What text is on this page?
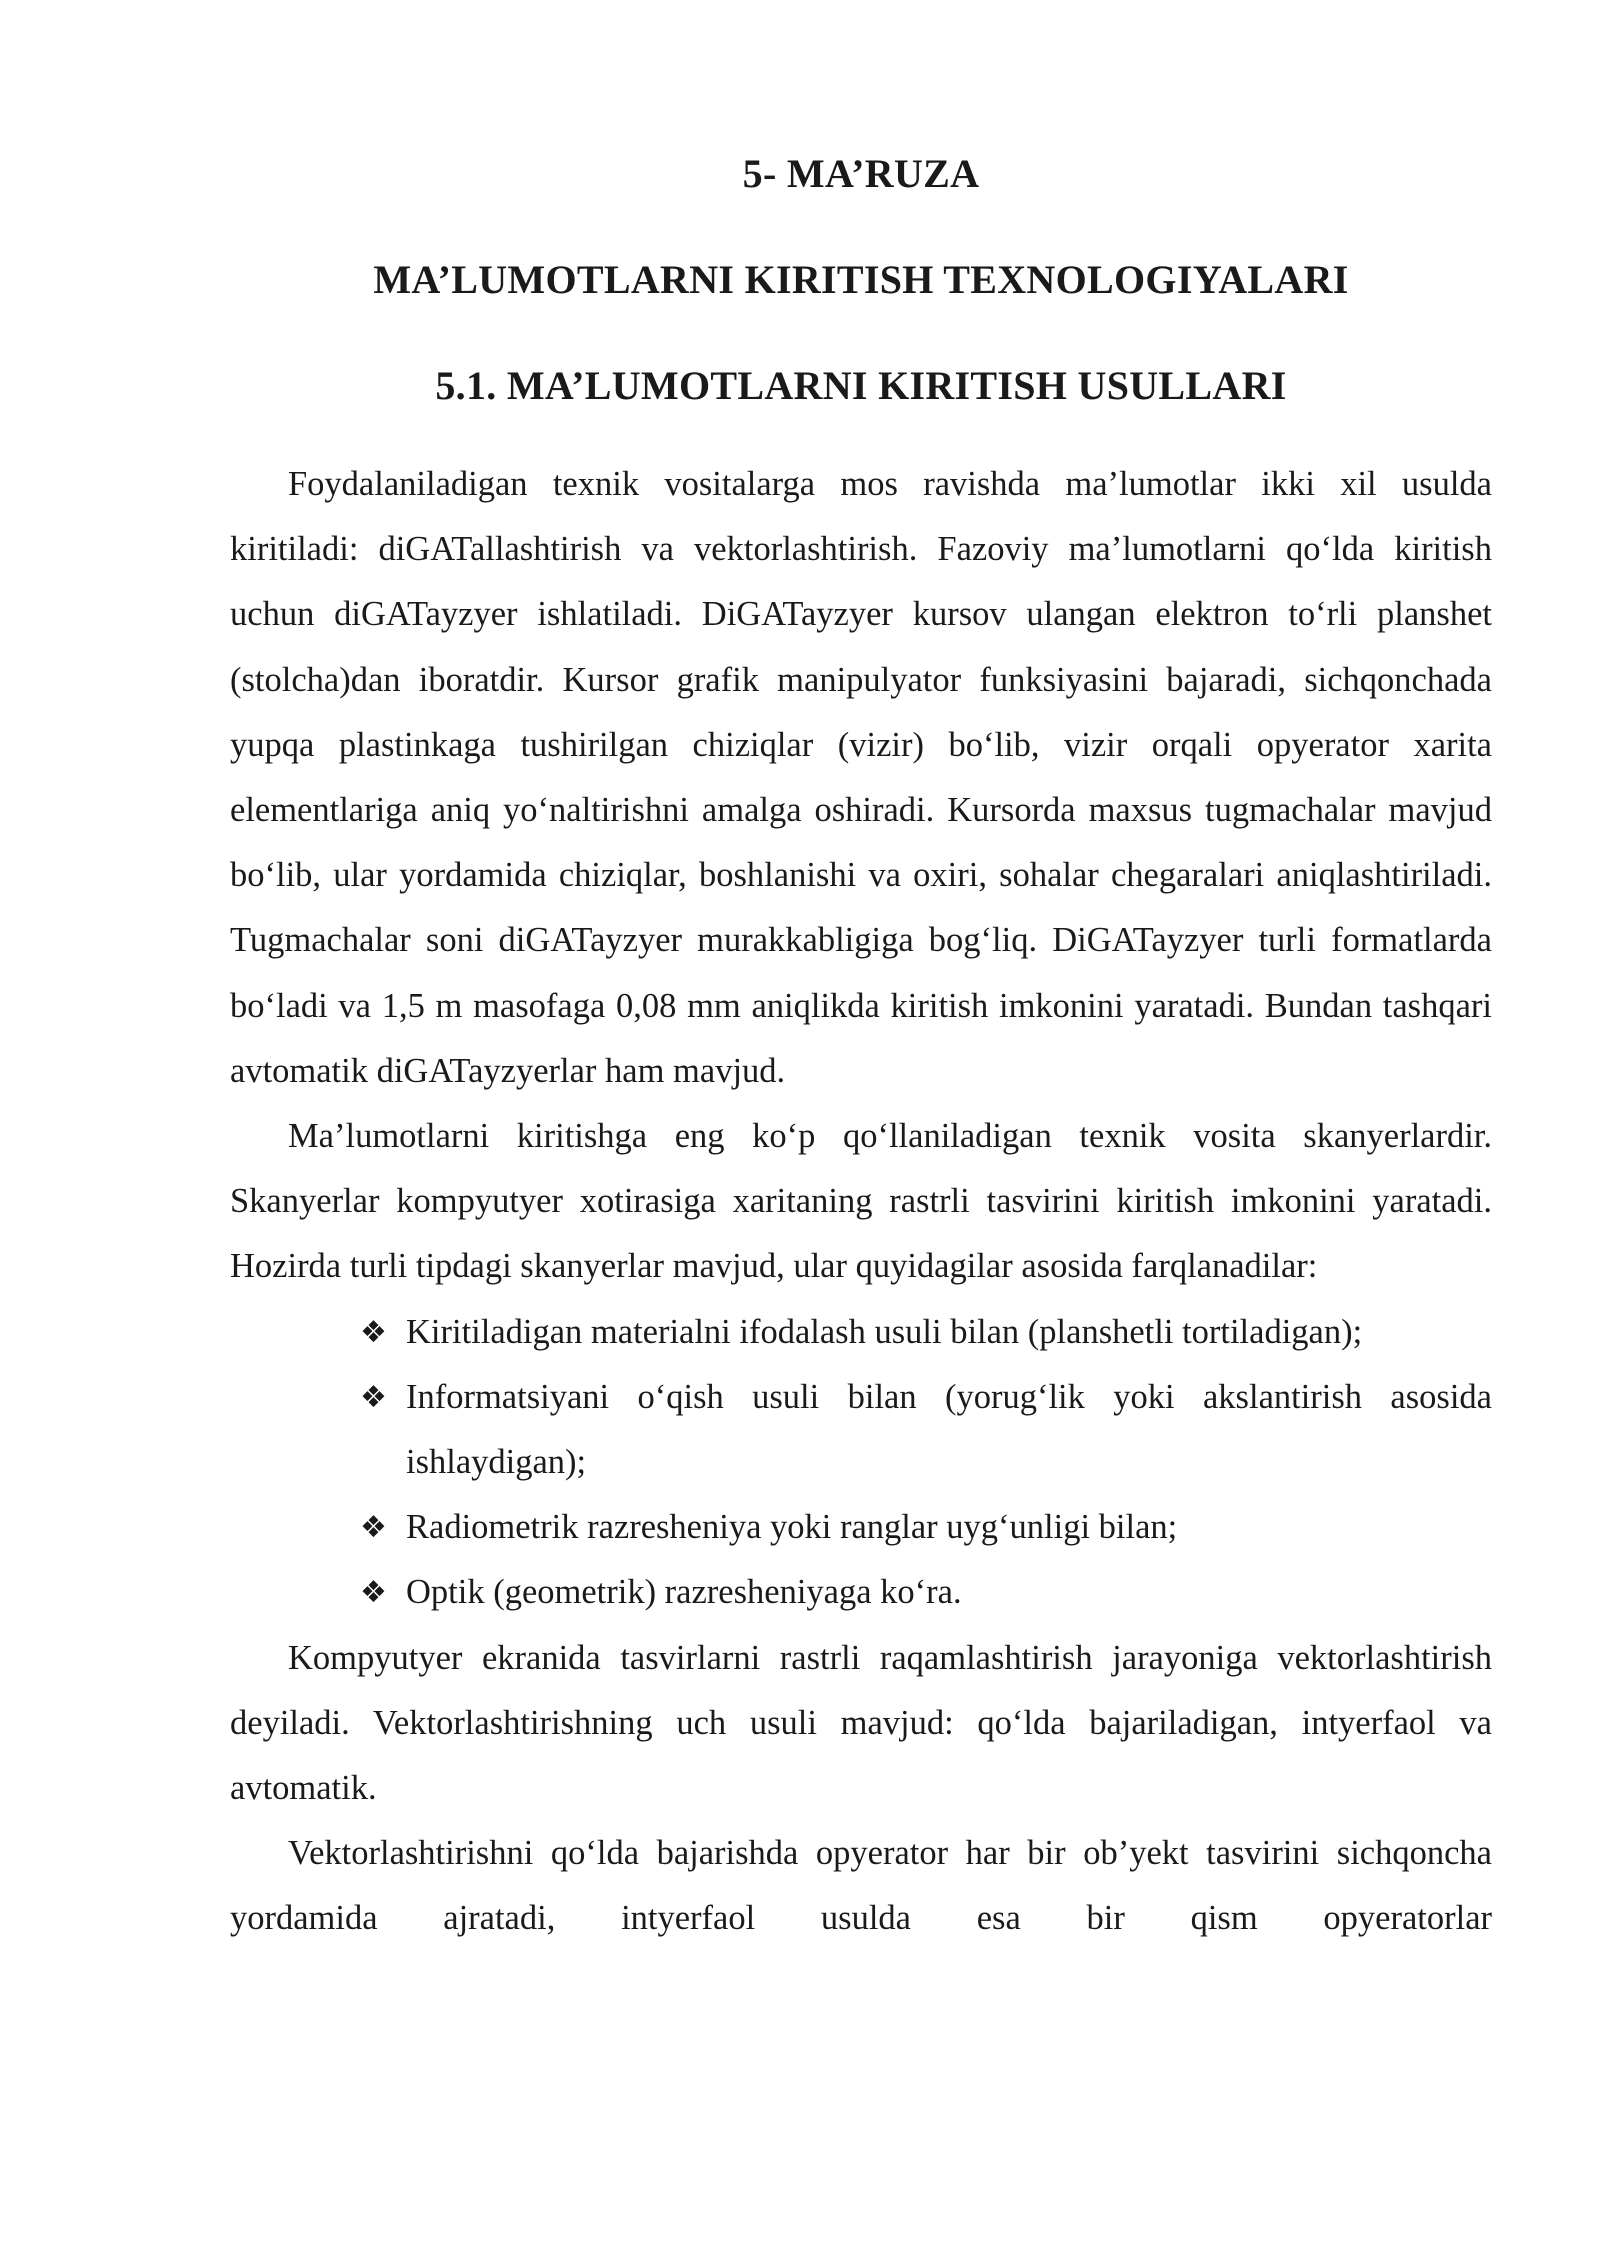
5- MA’RUZA
MA’LUMOTLARNI KIRITISH TEXNOLOGIYALARI
5.1. MA’LUMOTLARNI KIRITISH USULLARI

Foydalaniladigan texnik vositalarga mos ravishda ma’lumotlar ikki xil usulda kiritiladi: diGATallashtirish va vektorlashtirish. Fazoviy ma’lumotlarni qo‘lda kiritish uchun diGATayzyer ishlatiladi. DiGATayzyer kursov ulangan elektron to‘rli planshet (stolcha)dan iboratdir. Kursor grafik manipulyator funksiyasini bajaradi, sichqonchada yupqa plastinkaga tushirilgan chiziqlar (vizir) bo‘lib, vizir orqali opyerator xarita elementlariga aniq yo‘naltirishni amalga oshiradi. Kursorda maxsus tugmachalar mavjud bo‘lib, ular yordamida chiziqlar, boshlanishi va oxiri, sohalar chegaralari aniqlashtiriladi. Tugmachalar soni diGATayzyer murakkabligiga bog‘liq. DiGATayzyer turli formatlarda bo‘ladi va 1,5 m masofaga 0,08 mm aniqlikda kiritish imkonini yaratadi. Bundan tashqari avtomatik diGATayzyerlar ham mavjud.

Ma’lumotlarni kiritishga eng ko‘p qo‘llaniladigan texnik vosita skanyerlardir. Skanyerlar kompyutyer xotirasiga xaritaning rastrli tasvirini kiritish imkonini yaratadi. Hozirda turli tipdagi skanyerlar mavjud, ular quyidagilar asosida farqlanadilar:

❖ Kiritiladigan materialni ifodalash usuli bilan (planshetli tortiladigan);
❖ Informatsiyani o‘qish usuli bilan (yorug‘lik yoki akslantirish asosida ishlaydigan);
❖ Radiometrik razresheniya yoki ranglar uyg‘unligi bilan;
❖ Optik (geometrik) razresheniyaga ko‘ra.

Kompyutyer ekranida tasvirlarni rastrli raqamlashtirish jarayoniga vektorlashtirish deyiladi. Vektorlashtirishning uch usuli mavjud: qo‘lda bajariladigan, intyerfaol va avtomatik.

Vektorlashtirishni qo‘lda bajarishda opyerator har bir ob’yekt tasvirini sichqoncha yordamida ajratadi, intyerfaol usulda esa bir qism opyeratorlar
